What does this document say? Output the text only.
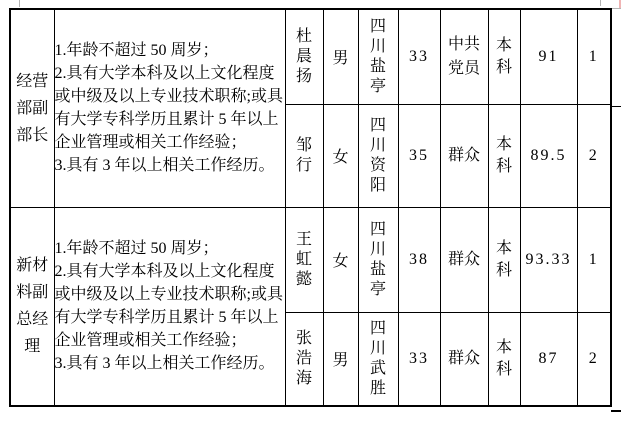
经营部副部长	1.年龄不超过 50 周岁；

2.具有大学本科及以上文化程度或中级及以上专业技术职称;或具有大学专科学历且累计 5 年以上企业管理或相关工作经验；

3.具有 3 年以上相关工作经历。	杜晨扬	男	四川盐亭	33	中共党员	本科	91	1
		邹行	女	四川资阳	35	群众	本科	89.5	2
新材料副总经理	1.年龄不超过 50 周岁；

2.具有大学本科及以上文化程度或中级及以上专业技术职称;或具有大学专科学历且累计 5 年以上企业管理或相关工作经验；

3.具有 3 年以上相关工作经历。	王虹懿	女	四川盐亭	38	群众	本科	93.33	1
		张浩海	男	四川武胜	33	群众	本科	87	2
